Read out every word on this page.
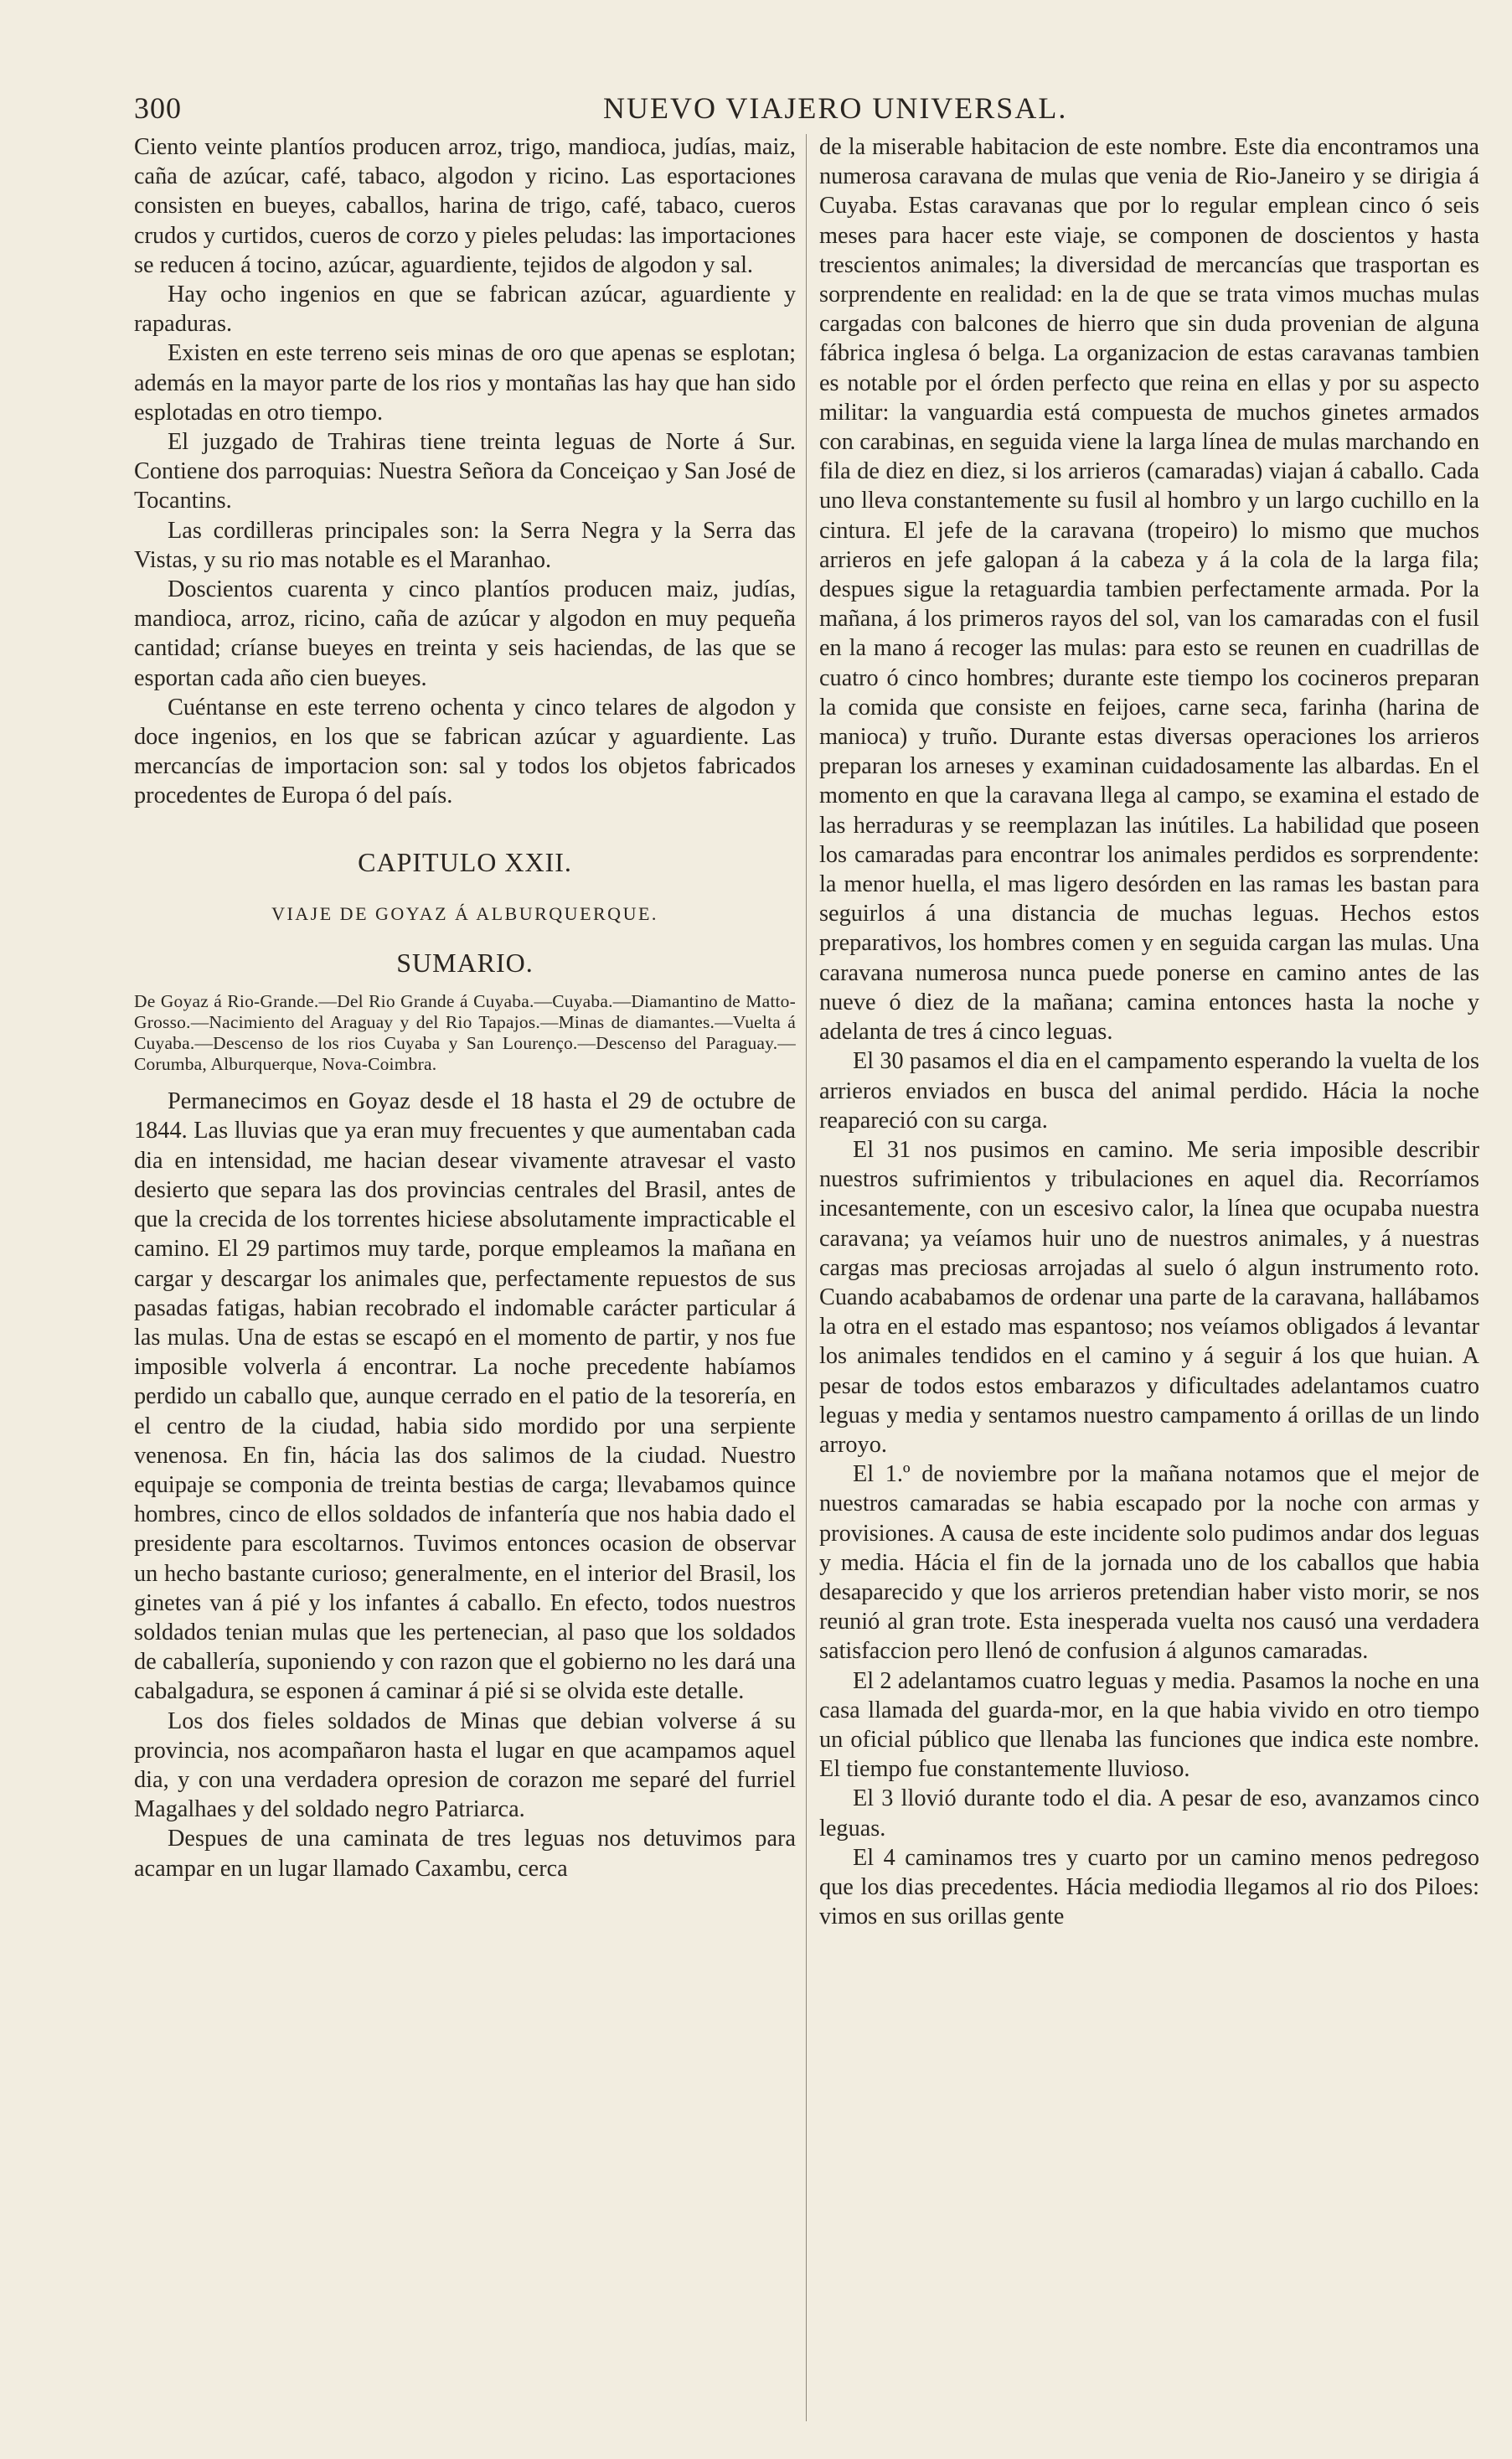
300	NUEVO VIAJERO UNIVERSAL.

Ciento veinte plantíos producen arroz, trigo, mandioca, judías, maiz, caña de azúcar, café, tabaco, algodon y ricino. Las esportaciones consisten en bueyes, caballos, harina de trigo, café, tabaco, cueros crudos y curtidos, cueros de corzo y pieles peludas: las importaciones se reducen á tocino, azúcar, aguardiente, tejidos de algodon y sal.

Hay ocho ingenios en que se fabrican azúcar, aguardiente y rapaduras.

Existen en este terreno seis minas de oro que apenas se esplotan; además en la mayor parte de los rios y montañas las hay que han sido esplotadas en otro tiempo.

El juzgado de Trahiras tiene treinta leguas de Norte á Sur. Contiene dos parroquias: Nuestra Señora da Conceiçao y San José de Tocantins.

Las cordilleras principales son: la Serra Negra y la Serra das Vistas, y su rio mas notable es el Maranhao.

Doscientos cuarenta y cinco plantíos producen maiz, judías, mandioca, arroz, ricino, caña de azúcar y algodon en muy pequeña cantidad; críanse bueyes en treinta y seis haciendas, de las que se esportan cada año cien bueyes.

Cuéntanse en este terreno ochenta y cinco telares de algodon y doce ingenios, en los que se fabrican azúcar y aguardiente. Las mercancías de importacion son: sal y todos los objetos fabricados procedentes de Europa ó del país.

CAPITULO XXII.

VIAJE DE GOYAZ Á ALBURQUERQUE.

SUMARIO.

De Goyaz á Rio-Grande.—Del Rio Grande á Cuyaba.—Cuyaba.—Diamantino de Matto-Grosso.—Nacimiento del Araguay y del Rio Tapajos.—Minas de diamantes.—Vuelta á Cuyaba.—Descenso de los rios Cuyaba y San Lourenço.—Descenso del Paraguay.—Corumba, Alburquerque, Nova-Coimbra.

Permanecimos en Goyaz desde el 18 hasta el 29 de octubre de 1844. Las lluvias que ya eran muy frecuentes y que aumentaban cada dia en intensidad, me hacian desear vivamente atravesar el vasto desierto que separa las dos provincias centrales del Brasil, antes de que la crecida de los torrentes hiciese absolutamente impracticable el camino. El 29 partimos muy tarde, porque empleamos la mañana en cargar y descargar los animales que, perfectamente repuestos de sus pasadas fatigas, habian recobrado el indomable carácter particular á las mulas. Una de estas se escapó en el momento de partir, y nos fue imposible volverla á encontrar. La noche precedente habíamos perdido un caballo que, aunque cerrado en el patio de la tesorería, en el centro de la ciudad, habia sido mordido por una serpiente venenosa. En fin, hácia las dos salimos de la ciudad. Nuestro equipaje se componia de treinta bestias de carga; llevabamos quince hombres, cinco de ellos soldados de infantería que nos habia dado el presidente para escoltarnos. Tuvimos entonces ocasion de observar un hecho bastante curioso; generalmente, en el interior del Brasil, los ginetes van á pié y los infantes á caballo. En efecto, todos nuestros soldados tenian mulas que les pertenecian, al paso que los soldados de caballería, suponiendo y con razon que el gobierno no les dará una cabalgadura, se esponen á caminar á pié si se olvida este detalle.

Los dos fieles soldados de Minas que debian volverse á su provincia, nos acompañaron hasta el lugar en que acampamos aquel dia, y con una verdadera opresion de corazon me separé del furriel Magalhaes y del soldado negro Patriarca.

Despues de una caminata de tres leguas nos detuvimos para acampar en un lugar llamado Caxambu, cerca

de la miserable habitacion de este nombre. Este dia encontramos una numerosa caravana de mulas que venia de Rio-Janeiro y se dirigia á Cuyaba. Estas caravanas que por lo regular emplean cinco ó seis meses para hacer este viaje, se componen de doscientos y hasta trescientos animales; la diversidad de mercancías que trasportan es sorprendente en realidad: en la de que se trata vimos muchas mulas cargadas con balcones de hierro que sin duda provenian de alguna fábrica inglesa ó belga. La organizacion de estas caravanas tambien es notable por el órden perfecto que reina en ellas y por su aspecto militar: la vanguardia está compuesta de muchos ginetes armados con carabinas, en seguida viene la larga línea de mulas marchando en fila de diez en diez, si los arrieros (camaradas) viajan á caballo. Cada uno lleva constantemente su fusil al hombro y un largo cuchillo en la cintura. El jefe de la caravana (tropeiro) lo mismo que muchos arrieros en jefe galopan á la cabeza y á la cola de la larga fila; despues sigue la retaguardia tambien perfectamente armada. Por la mañana, á los primeros rayos del sol, van los camaradas con el fusil en la mano á recoger las mulas: para esto se reunen en cuadrillas de cuatro ó cinco hombres; durante este tiempo los cocineros preparan la comida que consiste en feijoes, carne seca, farinha (harina de manioca) y truño. Durante estas diversas operaciones los arrieros preparan los arneses y examinan cuidadosamente las albardas. En el momento en que la caravana llega al campo, se examina el estado de las herraduras y se reemplazan las inútiles. La habilidad que poseen los camaradas para encontrar los animales perdidos es sorprendente: la menor huella, el mas ligero desórden en las ramas les bastan para seguirlos á una distancia de muchas leguas. Hechos estos preparativos, los hombres comen y en seguida cargan las mulas. Una caravana numerosa nunca puede ponerse en camino antes de las nueve ó diez de la mañana; camina entonces hasta la noche y adelanta de tres á cinco leguas.

El 30 pasamos el dia en el campamento esperando la vuelta de los arrieros enviados en busca del animal perdido. Hácia la noche reapareció con su carga.

El 31 nos pusimos en camino. Me seria imposible describir nuestros sufrimientos y tribulaciones en aquel dia. Recorríamos incesantemente, con un escesivo calor, la línea que ocupaba nuestra caravana; ya veíamos huir uno de nuestros animales, y á nuestras cargas mas preciosas arrojadas al suelo ó algun instrumento roto. Cuando acababamos de ordenar una parte de la caravana, hallábamos la otra en el estado mas espantoso; nos veíamos obligados á levantar los animales tendidos en el camino y á seguir á los que huian. A pesar de todos estos embarazos y dificultades adelantamos cuatro leguas y media y sentamos nuestro campamento á orillas de un lindo arroyo.

El 1.º de noviembre por la mañana notamos que el mejor de nuestros camaradas se habia escapado por la noche con armas y provisiones. A causa de este incidente solo pudimos andar dos leguas y media. Hácia el fin de la jornada uno de los caballos que habia desaparecido y que los arrieros pretendian haber visto morir, se nos reunió al gran trote. Esta inesperada vuelta nos causó una verdadera satisfaccion pero llenó de confusion á algunos camaradas.

El 2 adelantamos cuatro leguas y media. Pasamos la noche en una casa llamada del guarda-mor, en la que habia vivido en otro tiempo un oficial público que llenaba las funciones que indica este nombre. El tiempo fue constantemente lluvioso.

El 3 llovió durante todo el dia. A pesar de eso, avanzamos cinco leguas.

El 4 caminamos tres y cuarto por un camino menos pedregoso que los dias precedentes. Hácia mediodia llegamos al rio dos Piloes: vimos en sus orillas gente
